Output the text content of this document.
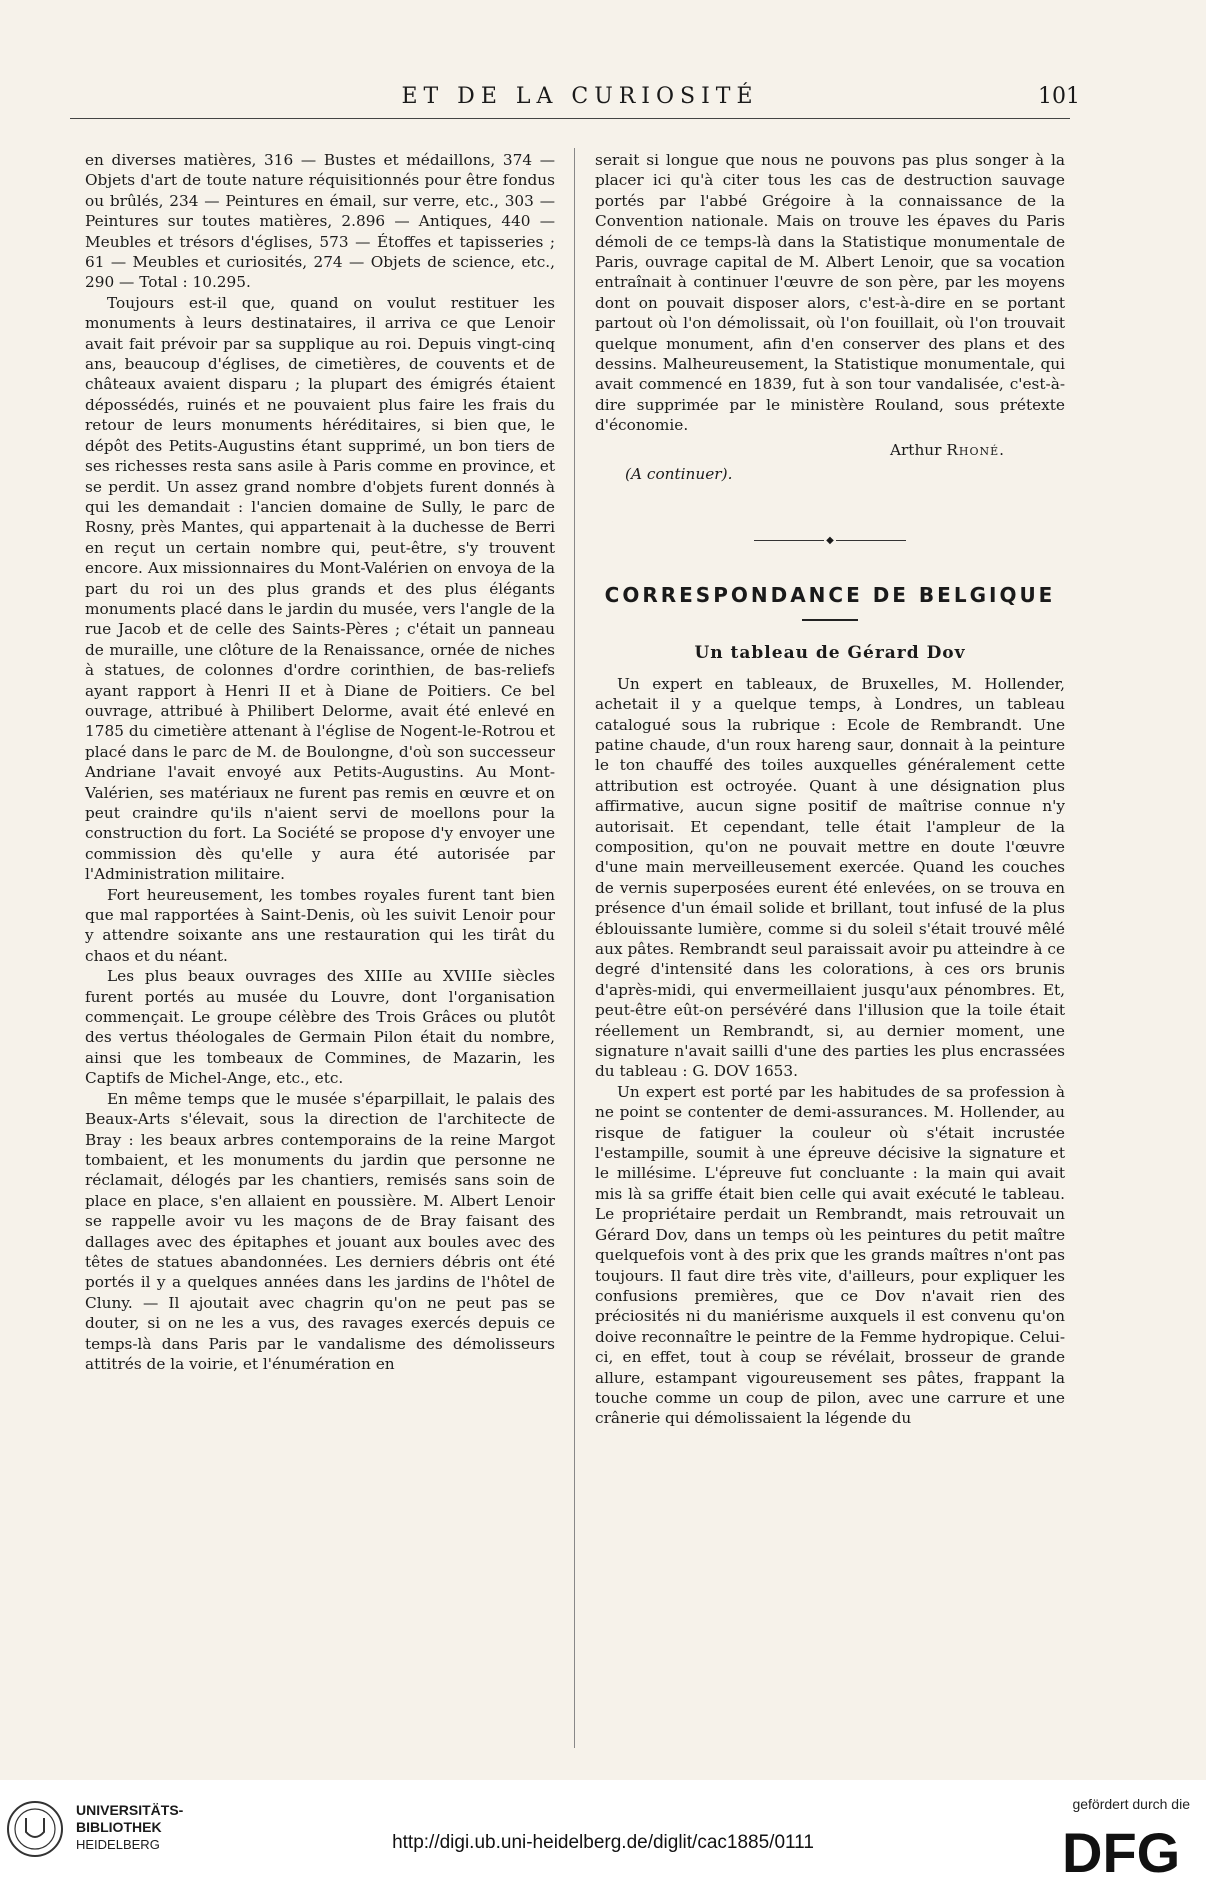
ET DE LA CURIOSITÉ	101

en diverses matières, 316 — Bustes et médaillons, 374 — Objets d'art de toute nature réquisitionnés pour être fondus ou brûlés, 234 — Peintures en émail, sur verre, etc., 303 — Peintures sur toutes matières, 2.896 — Antiques, 440 — Meubles et trésors d'églises, 573 — Étoffes et tapisseries ; 61 — Meubles et curiosités, 274 — Objets de science, etc., 290 — Total : 10.295.

Toujours est-il que, quand on voulut restituer les monuments à leurs destinataires, il arriva ce que Lenoir avait fait prévoir par sa supplique au roi. Depuis vingt-cinq ans, beaucoup d'églises, de cimetières, de couvents et de châteaux avaient disparu ; la plupart des émigrés étaient dépossédés, ruinés et ne pouvaient plus faire les frais du retour de leurs monuments héréditaires, si bien que, le dépôt des Petits-Augustins étant supprimé, un bon tiers de ses richesses resta sans asile à Paris comme en province, et se perdit. Un assez grand nombre d'objets furent donnés à qui les demandait : l'ancien domaine de Sully, le parc de Rosny, près Mantes, qui appartenait à la duchesse de Berri en reçut un certain nombre qui, peut-être, s'y trouvent encore. Aux missionnaires du Mont-Valérien on envoya de la part du roi un des plus grands et des plus élégants monuments placé dans le jardin du musée, vers l'angle de la rue Jacob et de celle des Saints-Pères ; c'était un panneau de muraille, une clôture de la Renaissance, ornée de niches à statues, de colonnes d'ordre corinthien, de bas-reliefs ayant rapport à Henri II et à Diane de Poitiers. Ce bel ouvrage, attribué à Philibert Delorme, avait été enlevé en 1785 du cimetière attenant à l'église de Nogent-le-Rotrou et placé dans le parc de M. de Boulongne, d'où son successeur Andriane l'avait envoyé aux Petits-Augustins. Au Mont-Valérien, ses matériaux ne furent pas remis en œuvre et on peut craindre qu'ils n'aient servi de moellons pour la construction du fort. La Société se propose d'y envoyer une commission dès qu'elle y aura été autorisée par l'Administration militaire.

Fort heureusement, les tombes royales furent tant bien que mal rapportées à Saint-Denis, où les suivit Lenoir pour y attendre soixante ans une restauration qui les tirât du chaos et du néant.

Les plus beaux ouvrages des XIIIe au XVIIIe siècles furent portés au musée du Louvre, dont l'organisation commençait. Le groupe célèbre des Trois Grâces ou plutôt des vertus théologales de Germain Pilon était du nombre, ainsi que les tombeaux de Commines, de Mazarin, les Captifs de Michel-Ange, etc., etc.

En même temps que le musée s'éparpillait, le palais des Beaux-Arts s'élevait, sous la direction de l'architecte de Bray : les beaux arbres contemporains de la reine Margot tombaient, et les monuments du jardin que personne ne réclamait, délogés par les chantiers, remisés sans soin de place en place, s'en allaient en poussière. M. Albert Lenoir se rappelle avoir vu les maçons de de Bray faisant des dallages avec des épitaphes et jouant aux boules avec des têtes de statues abandonnées. Les derniers débris ont été portés il y a quelques années dans les jardins de l'hôtel de Cluny. — Il ajoutait avec chagrin qu'on ne peut pas se douter, si on ne les a vus, des ravages exercés depuis ce temps-là dans Paris par le vandalisme des démolisseurs attitrés de la voirie, et l'énumération en

serait si longue que nous ne pouvons pas plus songer à la placer ici qu'à citer tous les cas de destruction sauvage portés par l'abbé Grégoire à la connaissance de la Convention nationale. Mais on trouve les épaves du Paris démoli de ce temps-là dans la Statistique monumentale de Paris, ouvrage capital de M. Albert Lenoir, que sa vocation entraînait à continuer l'œuvre de son père, par les moyens dont on pouvait disposer alors, c'est-à-dire en se portant partout où l'on démolissait, où l'on fouillait, où l'on trouvait quelque monument, afin d'en conserver des plans et des dessins. Malheureusement, la Statistique monumentale, qui avait commencé en 1839, fut à son tour vandalisée, c'est-à-dire supprimée par le ministère Rouland, sous prétexte d'économie.

Arthur Rhoné.
(A continuer).
◆
CORRESPONDANCE DE BELGIQUE
Un tableau de Gérard Dov

Un expert en tableaux, de Bruxelles, M. Hollender, achetait il y a quelque temps, à Londres, un tableau catalogué sous la rubrique : Ecole de Rembrandt. Une patine chaude, d'un roux hareng saur, donnait à la peinture le ton chauffé des toiles auxquelles généralement cette attribution est octroyée. Quant à une désignation plus affirmative, aucun signe positif de maîtrise connue n'y autorisait. Et cependant, telle était l'ampleur de la composition, qu'on ne pouvait mettre en doute l'œuvre d'une main merveilleusement exercée. Quand les couches de vernis superposées eurent été enlevées, on se trouva en présence d'un émail solide et brillant, tout infusé de la plus éblouissante lumière, comme si du soleil s'était trouvé mêlé aux pâtes. Rembrandt seul paraissait avoir pu atteindre à ce degré d'intensité dans les colorations, à ces ors brunis d'après-midi, qui envermeillaient jusqu'aux pénombres. Et, peut-être eût-on persévéré dans l'illusion que la toile était réellement un Rembrandt, si, au dernier moment, une signature n'avait sailli d'une des parties les plus encrassées du tableau : G. DOV 1653.

Un expert est porté par les habitudes de sa profession à ne point se contenter de demi-assurances. M. Hollender, au risque de fatiguer la couleur où s'était incrustée l'estampille, soumit à une épreuve décisive la signature et le millésime. L'épreuve fut concluante : la main qui avait mis là sa griffe était bien celle qui avait exécuté le tableau. Le propriétaire perdait un Rembrandt, mais retrouvait un Gérard Dov, dans un temps où les peintures du petit maître quelquefois vont à des prix que les grands maîtres n'ont pas toujours. Il faut dire très vite, d'ailleurs, pour expliquer les confusions premières, que ce Dov n'avait rien des préciosités ni du maniérisme auxquels il est convenu qu'on doive reconnaître le peintre de la Femme hydropique. Celui-ci, en effet, tout à coup se révélait, brosseur de grande allure, estampant vigoureusement ses pâtes, frappant la touche comme un coup de pilon, avec une carrure et une crânerie qui démolissaient la légende du

UNIVERSITÄTS-
BIBLIOTHEK
HEIDELBERG	http://digi.ub.uni-heidelberg.de/diglit/cac1885/0111
gefördert durch die
DFG
